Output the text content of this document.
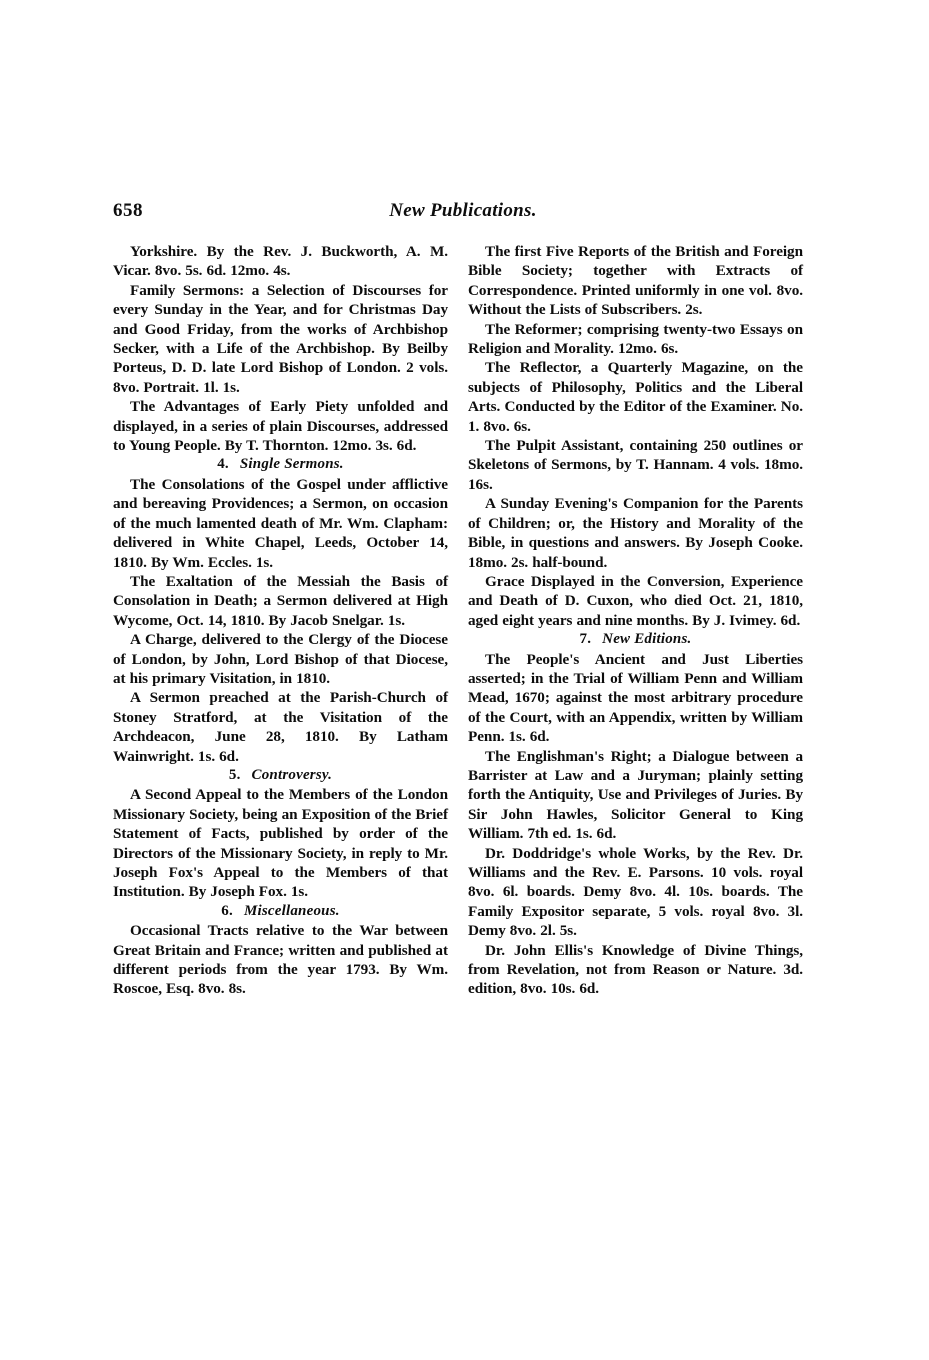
658	New Publications.

Yorkshire. By the Rev. J. Buckworth, A. M. Vicar. 8vo. 5s. 6d. 12mo. 4s.

Family Sermons: a Selection of Discourses for every Sunday in the Year, and for Christmas Day and Good Friday, from the works of Archbishop Secker, with a Life of the Archbishop. By Beilby Porteus, D. D. late Lord Bishop of London. 2 vols. 8vo. Portrait. 1l. 1s.

The Advantages of Early Piety unfolded and displayed, in a series of plain Discourses, addressed to Young People. By T. Thornton. 12mo. 3s. 6d.

4. Single Sermons.

The Consolations of the Gospel under afflictive and bereaving Providences; a Sermon, on occasion of the much lamented death of Mr. Wm. Clapham: delivered in White Chapel, Leeds, October 14, 1810. By Wm. Eccles. 1s.

The Exaltation of the Messiah the Basis of Consolation in Death; a Sermon delivered at High Wycome, Oct. 14, 1810. By Jacob Snelgar. 1s.

A Charge, delivered to the Clergy of the Diocese of London, by John, Lord Bishop of that Diocese, at his primary Visitation, in 1810.

A Sermon preached at the Parish-Church of Stoney Stratford, at the Visitation of the Archdeacon, June 28, 1810. By Latham Wainwright. 1s. 6d.

5. Controversy.

A Second Appeal to the Members of the London Missionary Society, being an Exposition of the Brief Statement of Facts, published by order of the Directors of the Missionary Society, in reply to Mr. Joseph Fox's Appeal to the Members of that Institution. By Joseph Fox. 1s.

6. Miscellaneous.

Occasional Tracts relative to the War between Great Britain and France; written and published at different periods from the year 1793. By Wm. Roscoe, Esq. 8vo. 8s.

The first Five Reports of the British and Foreign Bible Society; together with Extracts of Correspondence. Printed uniformly in one vol. 8vo. Without the Lists of Subscribers. 2s.

The Reformer; comprising twenty-two Essays on Religion and Morality. 12mo. 6s.

The Reflector, a Quarterly Magazine, on the subjects of Philosophy, Politics and the Liberal Arts. Conducted by the Editor of the Examiner. No. 1. 8vo. 6s.

The Pulpit Assistant, containing 250 outlines or Skeletons of Sermons, by T. Hannam. 4 vols. 18mo. 16s.

A Sunday Evening's Companion for the Parents of Children; or, the History and Morality of the Bible, in questions and answers. By Joseph Cooke. 18mo. 2s. half-bound.

Grace Displayed in the Conversion, Experience and Death of D. Cuxon, who died Oct. 21, 1810, aged eight years and nine months. By J. Ivimey. 6d.

7. New Editions.

The People's Ancient and Just Liberties asserted; in the Trial of William Penn and William Mead, 1670; against the most arbitrary procedure of the Court, with an Appendix, written by William Penn. 1s. 6d.

The Englishman's Right; a Dialogue between a Barrister at Law and a Juryman; plainly setting forth the Antiquity, Use and Privileges of Juries. By Sir John Hawles, Solicitor General to King William. 7th ed. 1s. 6d.

Dr. Doddridge's whole Works, by the Rev. Dr. Williams and the Rev. E. Parsons. 10 vols. royal 8vo. 6l. boards. Demy 8vo. 4l. 10s. boards. The Family Expositor separate, 5 vols. royal 8vo. 3l. Demy 8vo. 2l. 5s.

Dr. John Ellis's Knowledge of Divine Things, from Revelation, not from Reason or Nature. 3d. edition, 8vo. 10s. 6d.
